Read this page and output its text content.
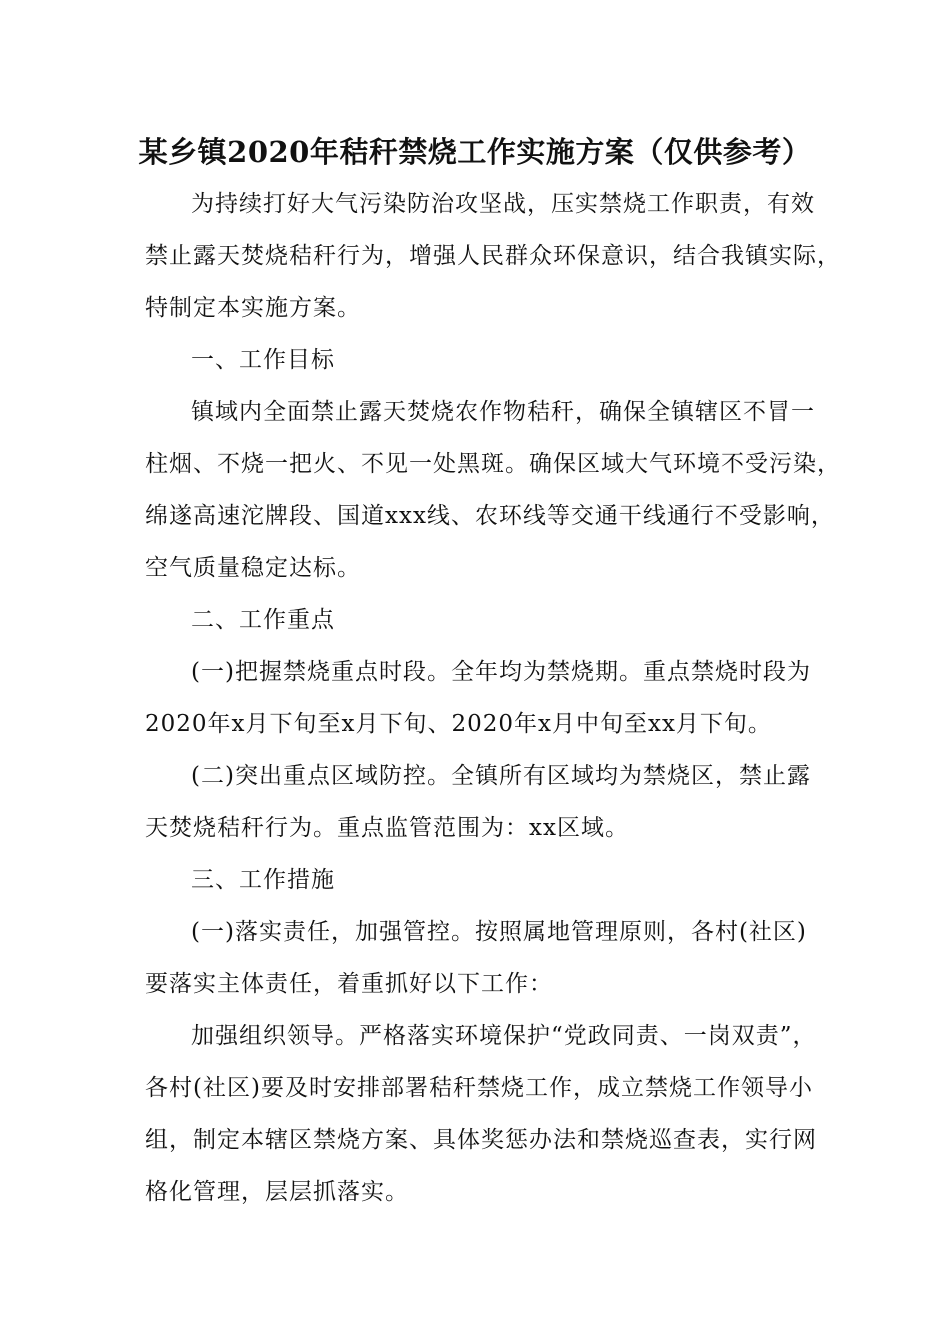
某乡镇2020年秸秆禁烧工作实施方案（仅供参考）
为持续打好大气污染防治攻坚战，压实禁烧工作职责，有效
禁止露天焚烧秸秆行为，增强人民群众环保意识，结合我镇实际，
特制定本实施方案。
一、工作目标
镇域内全面禁止露天焚烧农作物秸秆，确保全镇辖区不冒一
柱烟、不烧一把火、不见一处黑斑。确保区域大气环境不受污染，
绵遂高速沱牌段、国道xxx线、农环线等交通干线通行不受影响，
空气质量稳定达标。
二、工作重点
(一)把握禁烧重点时段。全年均为禁烧期。重点禁烧时段为
2020年x月下旬至x月下旬、2020年x月中旬至xx月下旬。
(二)突出重点区域防控。全镇所有区域均为禁烧区，禁止露
天焚烧秸秆行为。重点监管范围为：xx区域。
三、工作措施
(一)落实责任，加强管控。按照属地管理原则，各村(社区)
要落实主体责任，着重抓好以下工作：
加强组织领导。严格落实环境保护“党政同责、一岗双责”，
各村(社区)要及时安排部署秸秆禁烧工作，成立禁烧工作领导小
组，制定本辖区禁烧方案、具体奖惩办法和禁烧巡查表，实行网
格化管理，层层抓落实。
